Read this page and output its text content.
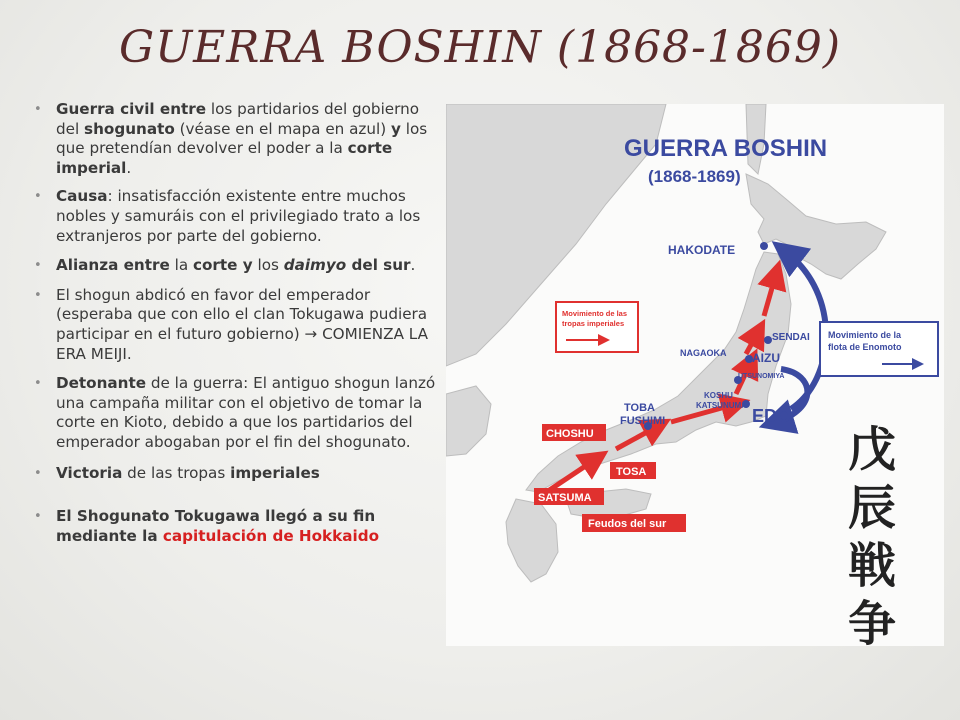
GUERRA BOSHIN (1868-1869)

• Guerra civil entre los partidarios del gobierno del shogunato (véase en el mapa en azul) y los que pretendían devolver el poder a la corte imperial.

• Causa: insatisfacción existente entre muchos nobles y samuráis con el privilegiado trato a los extranjeros por parte del gobierno.

• Alianza entre la corte y los daimyo del sur.

• El shogun abdicó en favor del emperador (esperaba que con ello el clan Tokugawa pudiera participar en el futuro gobierno) → COMIENZA LA ERA MEIJI.

• Detonante de la guerra: El antiguo shogun lanzó una campaña militar con el objetivo de tomar la corte en Kioto, debido a que los partidarios del emperador abogaban por el fin del shogunato.

• Victoria de las tropas imperiales

• El Shogunato Tokugawa llegó a su fin mediante la capitulación de Hokkaido

GUERRA BOSHIN
(1868-1869)
HAKODATE
SENDAI
NAGAOKA AIZU
UTSUNOMIYA
KOSHU
KATSUNUMA
EDO
TOBA
FUSHIMI
CHOSHU
TOSA
SATSUMA
Feudos del sur
Movimiento de las
tropas imperiales
Movimiento de la
flota de Enomoto
戊
辰
戦
争
